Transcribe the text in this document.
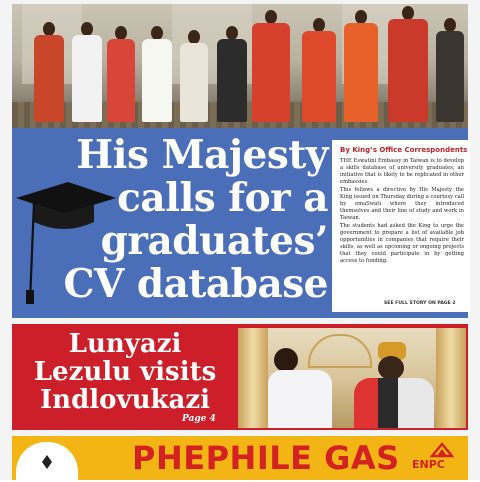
His Majesty
calls for a
graduates’
CV database
By King’s Office Correspondents

THE Eswatini Embassy in Taiwan is to develop a skills database of university graduates, an initiative that is likely to be replicated in other embassies.

This follows a directive by His Majesty the King issued on Thursday during a courtesy call by emaSwati where they introduced themselves and their line of study and work in Taiwan.

The students had asked the King to urge the government to prepare a list of available job opportunities in companies that require their skills, as well as upcoming or ongoing projects that they could participate in by getting access to funding.

SEE FULL STORY ON PAGE 2
Lunyazi
Lezulu visits
Indlovukazi
Page 4
PHEPHILE GAS ENPC
